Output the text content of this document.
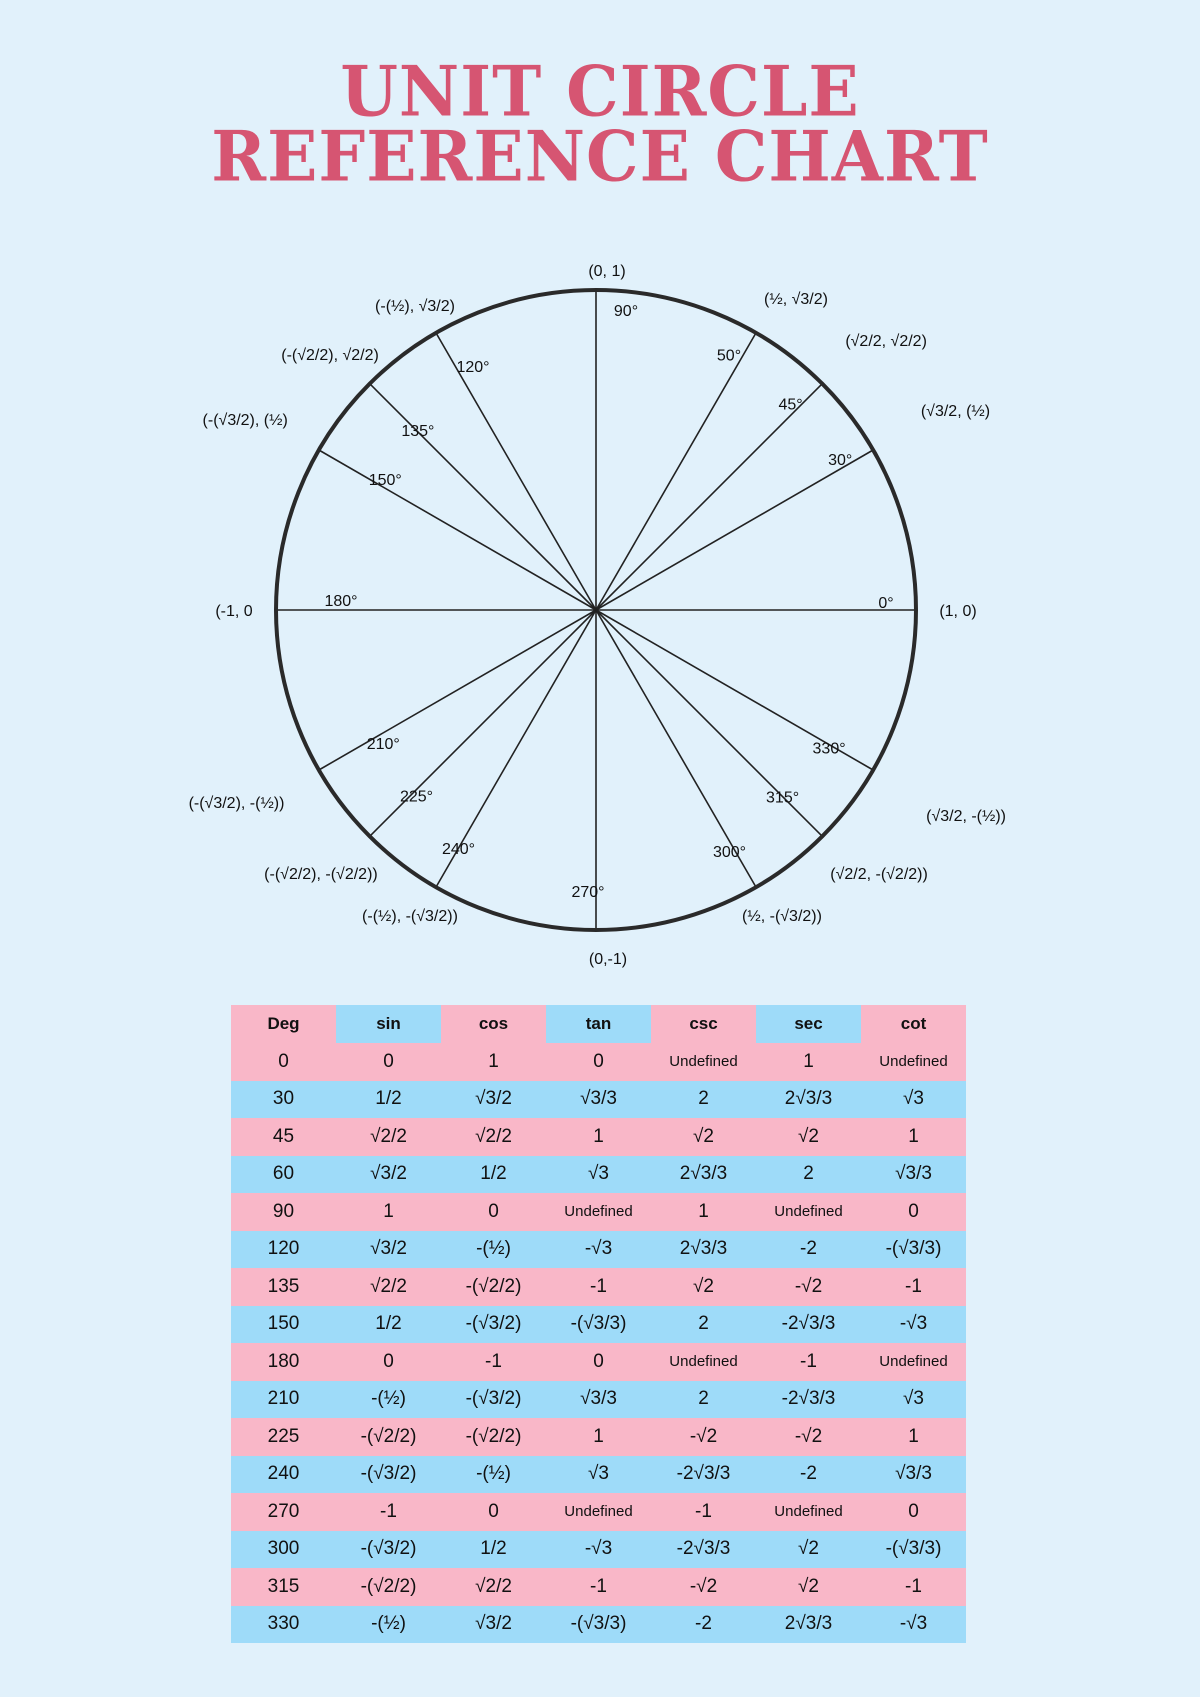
UNIT CIRCLE
REFERENCE CHART
0°	(1, 0)
30°
(√3/2, (½)
45°
(√2/2, √2/2)
50°
(½, √3/2)
90°
(0, 1)
120°
(-(½), √3/2)
135°
(-(√2/2), √2/2)
150°
(-(√3/2), (½)
180°
(-1, 0
210°
(-(√3/2), -(½))	225°
(-(√2/2), -(√2/2))
240°
(-(½), -(√3/2))
270°
(0,-1)
300°
(½, -(√3/2))
315°
(√2/2, -(√2/2))
330°
(√3/2, -(½))
Deg	sin	cos	tan	csc	sec	cot
0	0	1	0	Undefined	1	Undefined
30	1/2	√3/2	√3/3	2	2√3/3	√3
45	√2/2	√2/2	1	√2	√2	1
60	√3/2	1/2	√3	2√3/3	2	√3/3
90	1	0	Undefined	1	Undefined	0
120	√3/2	-(½)	-√3	2√3/3	-2	-(√3/3)
135	√2/2	-(√2/2)	-1	√2	-√2	-1
150	1/2	-(√3/2)	-(√3/3)	2	-2√3/3	-√3
180	0	-1	0	Undefined	-1	Undefined
210	-(½)	-(√3/2)	√3/3	2	-2√3/3	√3
225	-(√2/2)	-(√2/2)	1	-√2	-√2	1
240	-(√3/2)	-(½)	√3	-2√3/3	-2	√3/3
270	-1	0	Undefined	-1	Undefined	0
300	-(√3/2)	1/2	-√3	-2√3/3	√2	-(√3/3)
315	-(√2/2)	√2/2	-1	-√2	√2	-1
330	-(½)	√3/2	-(√3/3)	-2	2√3/3	-√3
